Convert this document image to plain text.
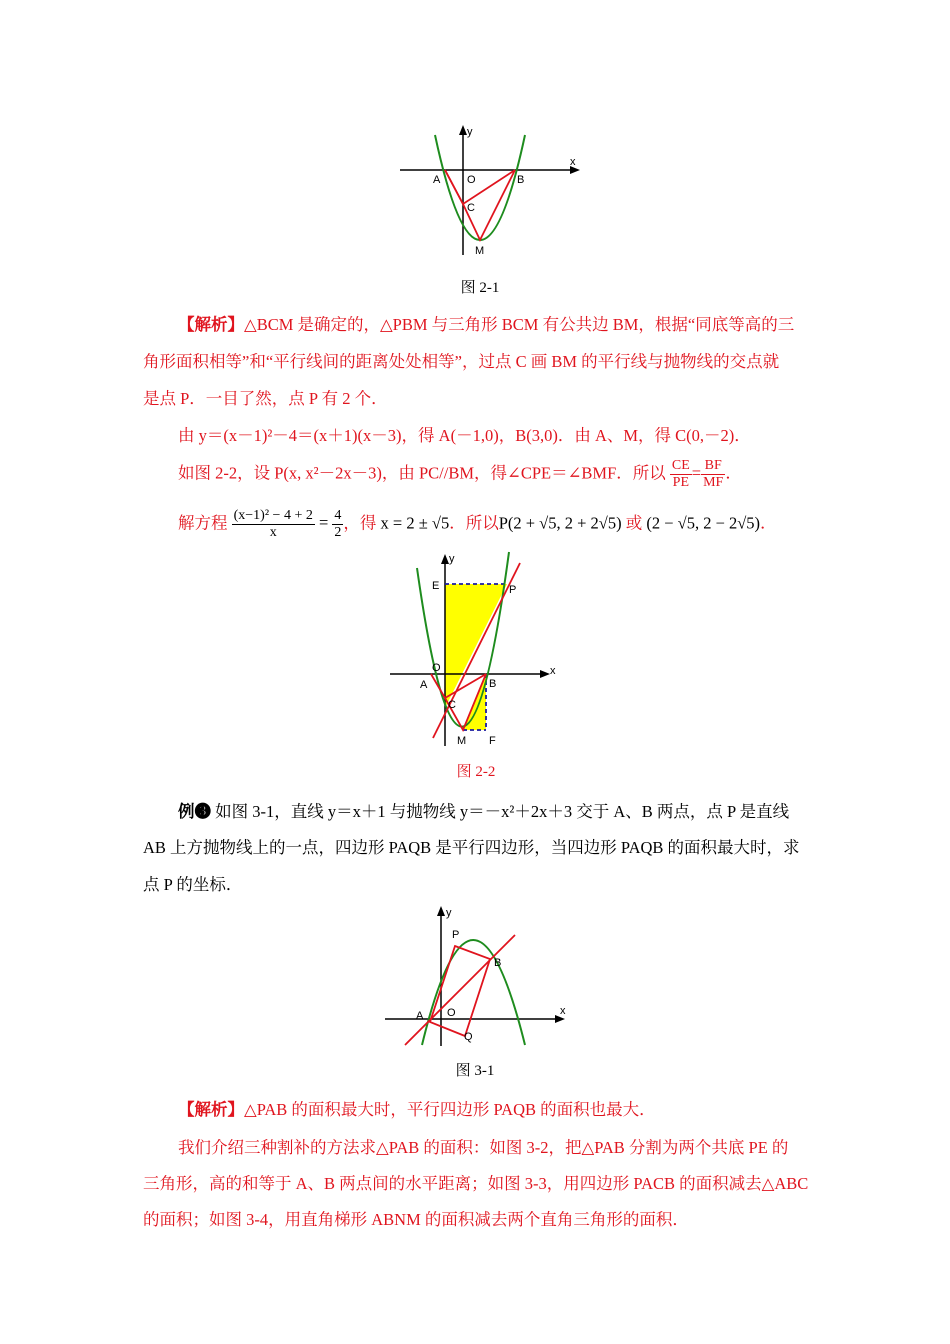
x
y
A O	B
C
M
图 2-1
【解析】△BCM 是确定的，△PBM 与三角形 BCM 有公共边 BM，根据“同底等高的三
角形面积相等”和“平行线间的距离处处相等”，过点 C 画 BM 的平行线与抛物线的交点就
是点 P．一目了然，点 P 有 2 个．
由 y＝(x－1)²－4＝(x＋1)(x－3)，得 A(－1,0)，B(3,0)．由 A、M，得 C(0,－2)．
如图 2-2，设 P(x, x²－2x－3)，由 PC//BM，得∠CPE＝∠BMF．所以 $\frac{CE}{PE} = \frac{BF}{MF}$ ．
解方程 $\frac{\text{(x−1)² − 4 + 2}}{x} = \frac{4}{2}$ ，得 x = 2 ± √5．所以P(2 + √5, 2 + 2√5) 或 (2 − √5, 2 − 2√5)．
x
y
E	P
O
A	B
C
M F
图 2-2
例❸ 如图 3-1，直线 y＝x＋1 与抛物线 y＝－x²＋2x＋3 交于 A、B 两点，点 P 是直线
AB 上方抛物线上的一点，四边形 PAQB 是平行四边形，当四边形 PAQB 的面积最大时，求
点 P 的坐标．
x
y
P
B
A O
Q
图 3-1
【解析】△PAB 的面积最大时，平行四边形 PAQB 的面积也最大．
我们介绍三种割补的方法求△PAB 的面积：如图 3-2，把△PAB 分割为两个共底 PE 的
三角形，高的和等于 A、B 两点间的水平距离；如图 3-3，用四边形 PACB 的面积减去△ABC
的面积；如图 3-4，用直角梯形 ABNM 的面积减去两个直角三角形的面积．
